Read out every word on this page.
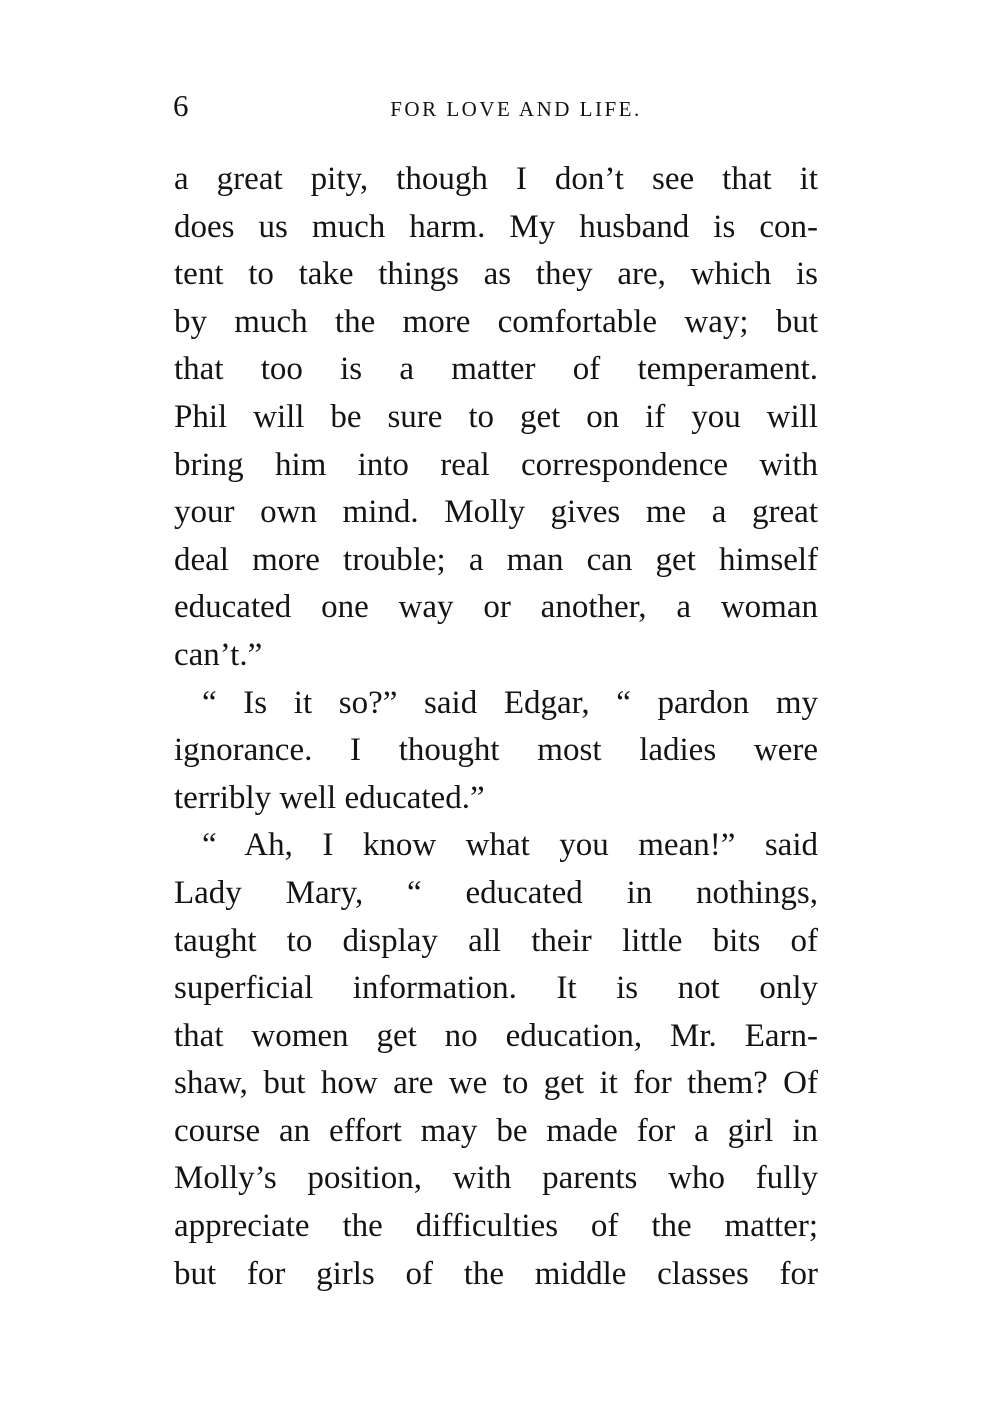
6	FOR LOVE AND LIFE.
a great pity, though I don’t see that it
does us much harm. My husband is con-
tent to take things as they are, which is
by much the more comfortable way; but
that too is a matter of temperament.
Phil will be sure to get on if you will
bring him into real correspondence with
your own mind. Molly gives me a great
deal more trouble; a man can get himself
educated one way or another, a woman
can’t.”
“ Is it so?” said Edgar, “ pardon my
ignorance. I thought most ladies were
terribly well educated.”
“ Ah, I know what you mean!” said
Lady Mary, “ educated in nothings,
taught to display all their little bits of
superficial information. It is not only
that women get no education, Mr. Earn-
shaw, but how are we to get it for them? Of
course an effort may be made for a girl in
Molly’s position, with parents who fully
appreciate the difficulties of the matter;
but for girls of the middle classes for
